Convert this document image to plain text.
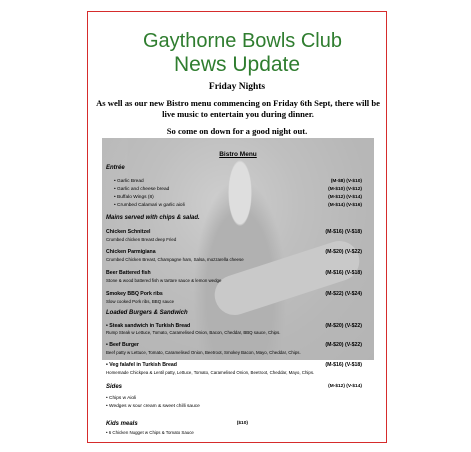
Gaythorne Bowls Club
News Update
Friday Nights
As well as our new Bistro menu commencing on Friday 6th Sept, there will be live music to entertain you during dinner.
So come on down for a good night out.
Bistro Menu
Entrée
• Garlic Bread	(M-$8) (V-$10)
• Garlic and cheese bread	(M-$10) (V-$12)
• Buffalo Wings (8)	(M-$12) (V-$14)
• Crumbed Calamari w garlic aioli	(M-$14) (V-$16)
Mains served with chips & salad.
Chicken Schnitzel	(M-$16) (V-$18)
Crumbed chicken Breast deep Fried
Chicken Parmigiana	(M-$20) (V-$22)
Crumbed Chicken Breast, Champagne ham, Salsa, mozzarella cheese
Beer Battered fish	(M-$16) (V-$18)
Stone & wood battered fish w tartare sauce & lemon wedge
Smokey BBQ Pork ribs	(M-$22) (V-$24)
Slow cooked Pork ribs, BBQ sauce
Loaded Burgers & Sandwich
• Steak sandwich in Turkish Bread	(M-$20) (V-$22)
Rump Steak w Lettuce, Tomato, Caramelised Onion, Bacon, Cheddar, BBQ sauce, Chips.
• Beef Burger	(M-$20) (V-$22)
Beef patty w Lettuce, Tomato, Caramelised Onion, Beetroot, Smokey Bacon, Mayo, Cheddar, Chips.
• Veg falafel in Turkish Bread	(M-$16) (V-$18)
Homemade Chickpea & Lentil patty, Lettuce, Tomato, Caramelised Onion, Beetroot, Cheddar, Mayo, Chips.
Sides	(M-$12) (V-$14)
• Chips w Aioli
• Wedges w sour cream & sweet chilli sauce
Kids meals	($10)
• 6 Chicken Nugget w Chips & Tomato Sauce
